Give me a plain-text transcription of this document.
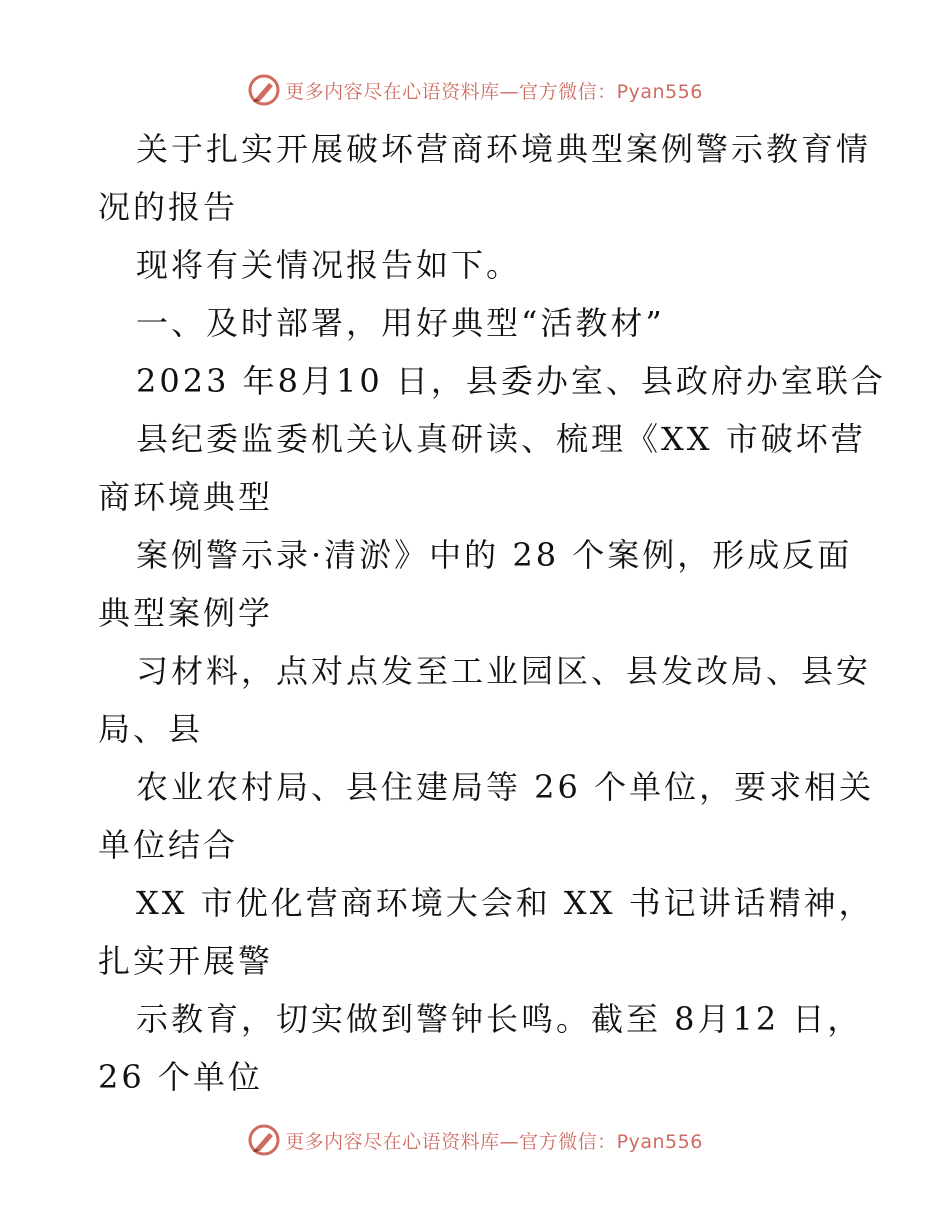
更多内容尽在心语资料库—官方微信：Pyan556
关于扎实开展破坏营商环境典型案例警示教育情
况的报告
现将有关情况报告如下。
一、及时部署，用好典型“活教材”
2023 年8月10 日，县委办室、县政府办室联合
县纪委监委机关认真研读、梳理《XX 市破坏营
商环境典型
案例警示录·清淤》中的 28 个案例，形成反面
典型案例学
习材料，点对点发至工业园区、县发改局、县安
局、县
农业农村局、县住建局等 26 个单位，要求相关
单位结合
XX 市优化营商环境大会和 XX 书记讲话精神，
扎实开展警
示教育，切实做到警钟长鸣。截至 8月12 日，
26 个单位
更多内容尽在心语资料库—官方微信：Pyan556
